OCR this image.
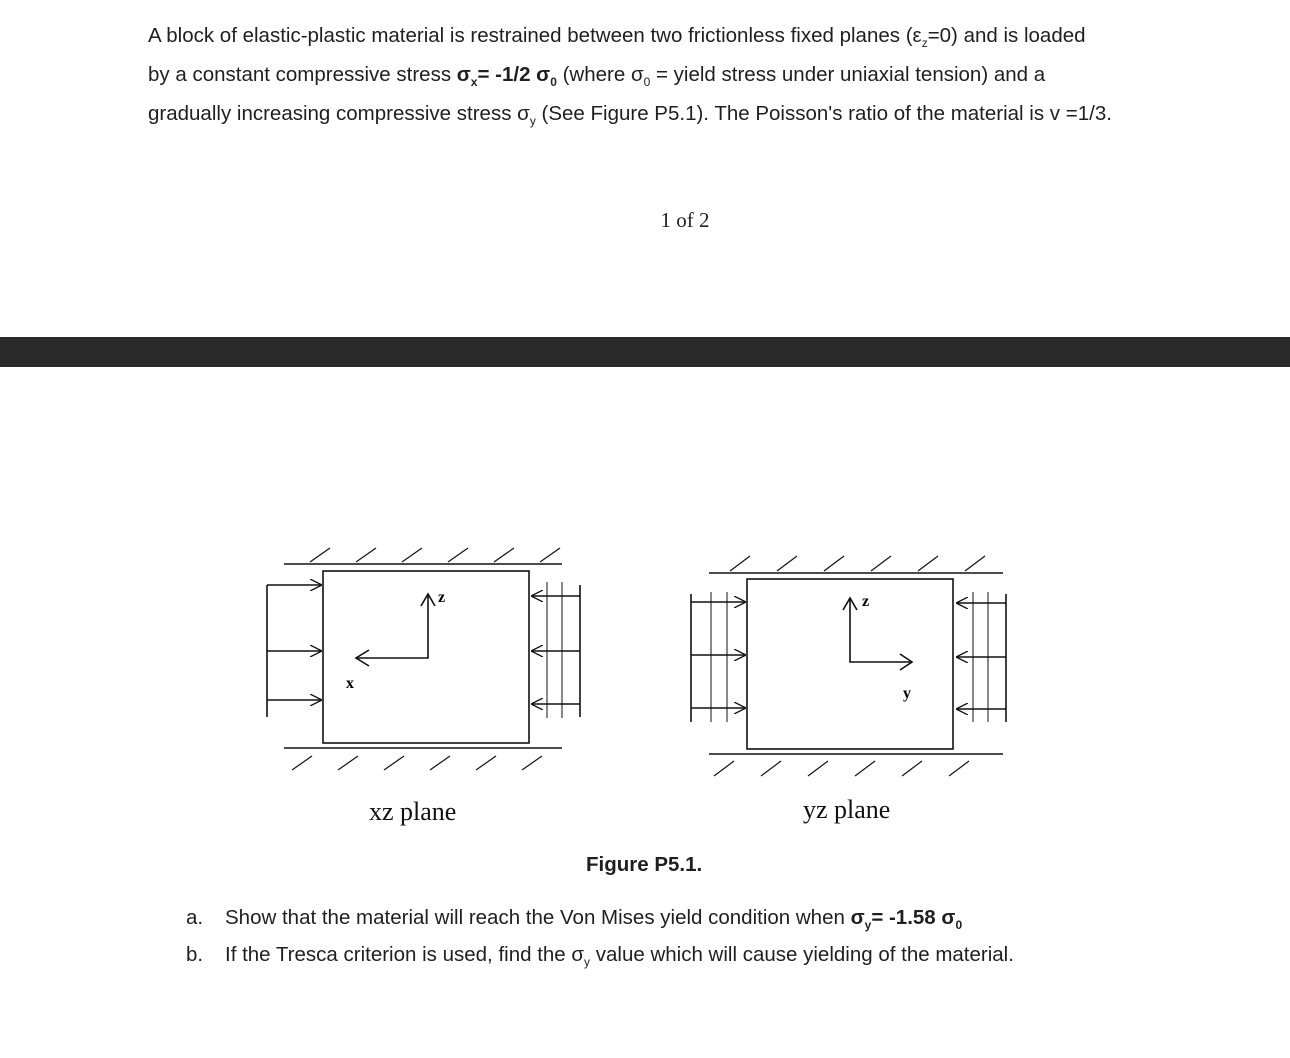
A block of elastic-plastic material is restrained between two frictionless fixed planes $(\varepsilon_z=0)$ and is loaded
by a constant compressive stress $\sigma_x= -1/2$ $\sigma_0$ (where $\sigma_0$ = yield stress under uniaxial tension) and a
gradually increasing compressive stress $\sigma_y$ (See Figure P5.1). The Poisson's ratio of the material is v =1/3.
1 of 2
z
x
z
y
xz plane	yz plane
Figure P5.1.
a.	Show that the material will reach the Von Mises yield condition when $\sigma_y= -1.58$ $\sigma_0$
b.	If the Tresca criterion is used, find the $\sigma_y$ value which will cause yielding of the material.
